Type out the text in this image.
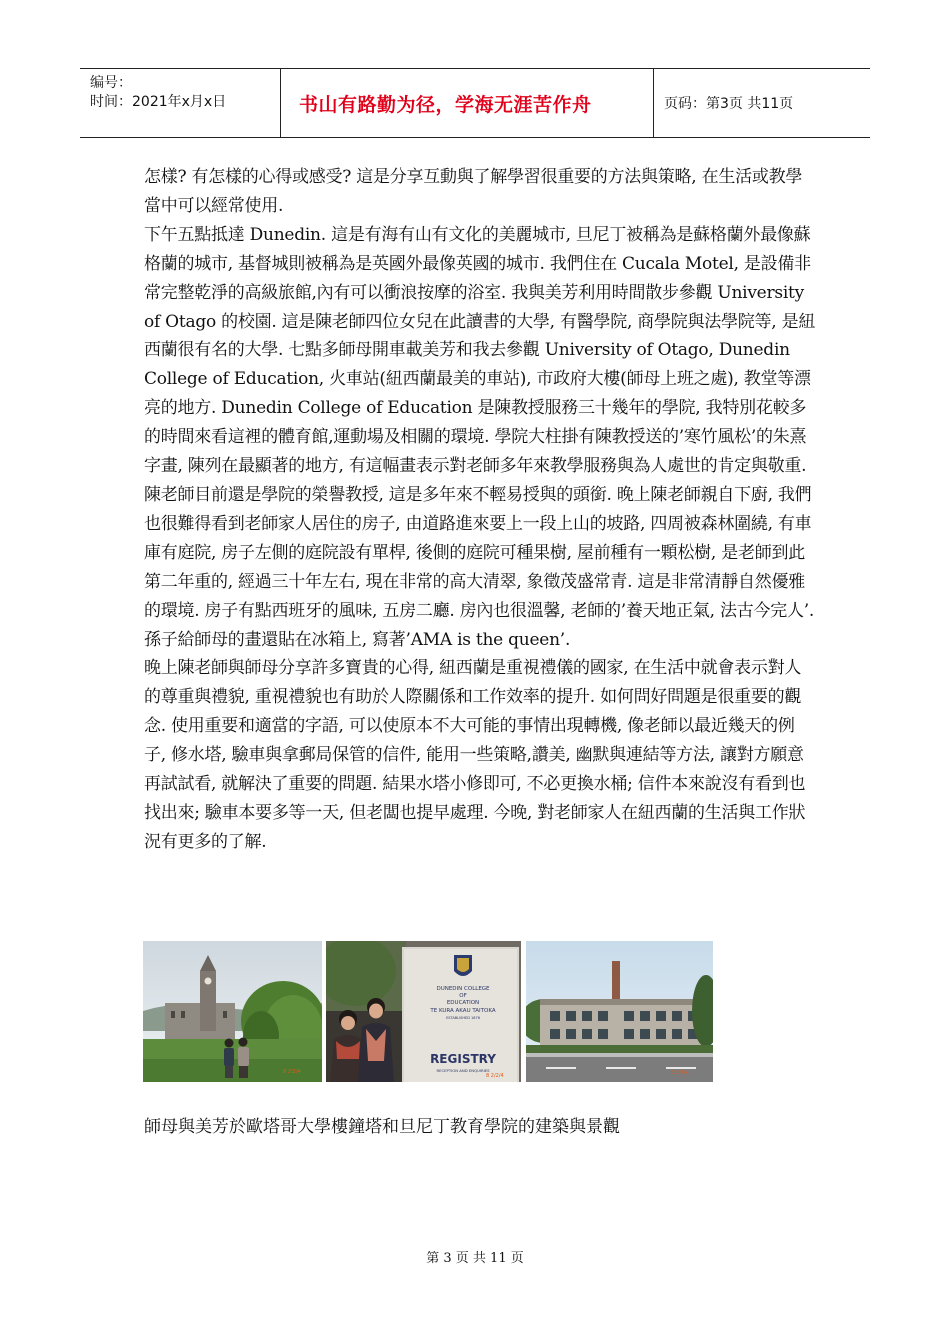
编号：
时间：2021年x月x日	书山有路勤为径，学海无涯苦作舟	页码：第3页 共11页

怎樣? 有怎樣的心得或感受? 這是分享互動與了解學習很重要的方法與策略, 在生活或教學當中可以經常使用.

下午五點抵達 Dunedin. 這是有海有山有文化的美麗城市, 旦尼丁被稱為是蘇格蘭外最像蘇格蘭的城市, 基督城則被稱為是英國外最像英國的城市. 我們住在 Cucala Motel, 是設備非常完整乾淨的高級旅館,內有可以衝浪按摩的浴室. 我與美芳利用時間散步參觀 University of Otago 的校園. 這是陳老師四位女兒在此讀書的大學, 有醫學院, 商學院與法學院等, 是紐西蘭很有名的大學. 七點多師母開車載美芳和我去參觀 University of Otago, Dunedin College of Education, 火車站(紐西蘭最美的車站), 市政府大樓(師母上班之處), 教堂等漂亮的地方. Dunedin College of Education 是陳教授服務三十幾年的學院, 我特別花較多的時間來看這裡的體育館,運動場及相關的環境. 學院大柱掛有陳教授送的’寒竹風松’的朱熹字畫, 陳列在最顯著的地方, 有這幅畫表示對老師多年來教學服務與為人處世的肯定與敬重. 陳老師目前還是學院的榮譽教授, 這是多年來不輕易授與的頭銜. 晚上陳老師親自下廚, 我們也很難得看到老師家人居住的房子, 由道路進來要上一段上山的坡路, 四周被森林圍繞, 有車庫有庭院, 房子左側的庭院設有單桿, 後側的庭院可種果樹, 屋前種有一顆松樹, 是老師到此第二年重的, 經過三十年左右, 現在非常的高大清翠, 象徵茂盛常青. 這是非常清靜自然優雅的環境. 房子有點西班牙的風味, 五房二廳. 房內也很溫馨, 老師的’養天地正氣, 法古今完人’. 孫子給師母的畫還貼在冰箱上, 寫著’AMA is the queen’.

晚上陳老師與師母分享許多寶貴的心得, 紐西蘭是重視禮儀的國家, 在生活中就會表示對人的尊重與禮貌, 重視禮貌也有助於人際關係和工作效率的提升. 如何問好問題是很重要的觀念. 使用重要和適當的字語, 可以使原本不大可能的事情出現轉機, 像老師以最近幾天的例子, 修水塔, 驗車與拿郵局保管的信件, 能用一些策略,讚美, 幽默與連結等方法, 讓對方願意再試試看, 就解決了重要的問題. 結果水塔小修即可, 不必更換水桶; 信件本來說沒有看到也找出來; 驗車本要多等一天, 但老闆也提早處理. 今晚, 對老師家人在紐西蘭的生活與工作狀況有更多的了解.

8 2/2/4
DUNEDIN COLLEGE
OF
EDUCATION
TE KURA AKAU TAITOKA
ESTABLISHED 1876
REGISTRY
RECEPTION AND ENQUIRIES
8 2/2/4	8 2/2/4
師母與美芳於歐塔哥大學樓鐘塔和旦尼丁教育學院的建築與景觀
第 3 页 共 11 页
